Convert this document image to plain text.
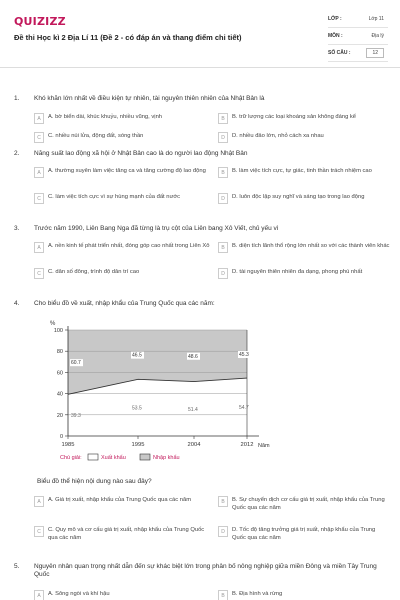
QUIZIZZ
Đề thi Học kì 2 Địa Lí 11 (Đề 2 - có đáp án và thang điểm chi tiết)
LỚP :	Lớp 11
MÔN :	Địa lý
SỐ CÂU :	12
1. Khó khăn lớn nhất về điều kiện tự nhiên, tài nguyên thiên nhiên của Nhật Bản là
A	A. bờ biển dài, khúc khuỷu, nhiều vũng, vịnh	B	B. trữ lượng các loại khoáng sản không đáng kể
C	C. nhiều núi lửa, động đất, sóng thần	D	D. nhiều đảo lớn, nhỏ cách xa nhau
2. Năng suất lao động xã hội ở Nhật Bản cao là do người lao động Nhật Bản
A	A. thường xuyên làm việc tăng ca và tăng cường độ lao động	B	B. làm việc tích cực, tự giác, tinh thần trách nhiệm cao
C	C. làm việc tích cực vì sự hùng mạnh của đất nước	D	D. luôn độc lập suy nghĩ và sáng tạo trong lao động
3. Trước năm 1990, Liên Bang Nga đã từng là trụ cột của Liên bang Xô Viết, chủ yếu vì
A	A. nền kinh tế phát triển nhất, đóng góp cao nhất trong Liên Xô	B	B. diện tích lãnh thổ rộng lớn nhất so với các thành viên khác
C	C. dân số đông, trình độ dân trí cao	D	D. tài nguyên thiên nhiên đa dạng, phong phú nhất
4. Cho biểu đồ về xuất, nhập khẩu của Trung Quốc qua các năm:
%
Năm
0
20
40
60
80
100
1985	1995	2004	2012
39.3
53.5	51.4	54.7
60.7
46.5	48.6	45.3
Chú giải:	Xuất khẩu	Nhập khẩu
Biểu đồ thể hiện nội dung nào sau đây?
A	A. Giá trị xuất, nhập khẩu của Trung Quốc qua các năm	B	B. Sự chuyển dịch cơ cấu giá trị xuất, nhập khẩu của Trung Quốc qua các năm
C	C. Quy mô và cơ cấu giá trị xuất, nhập khẩu của Trung Quốc qua các năm
D	D. Tốc độ tăng trưởng giá trị xuất, nhập khẩu của Trung Quốc qua các năm
5. Nguyên nhân quan trọng nhất dẫn đến sự khác biệt lớn trong phân bố nông nghiệp giữa miền Đông và miền Tây Trung Quốc
A	A. Sông ngòi và khí hậu	B	B. Địa hình và rừng
